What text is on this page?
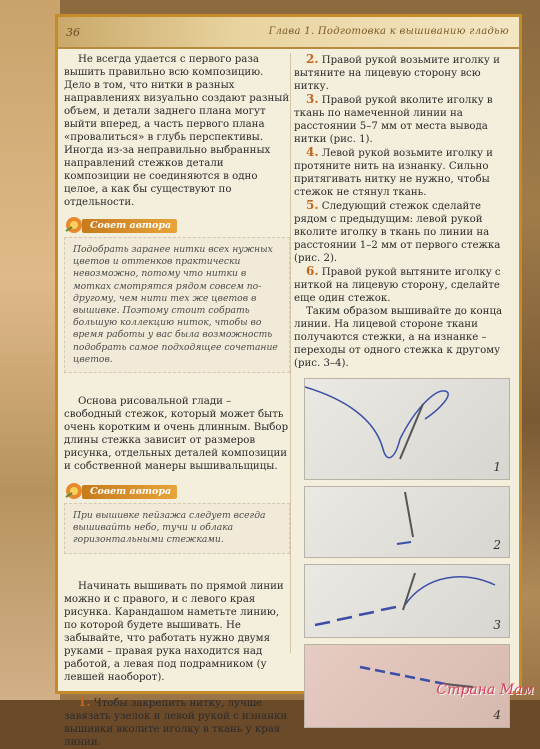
36	Глава 1. Подготовка к вышиванию гладью

Не всегда удается с первого раза вышить правильно всю композицию. Дело в том, что нитки в разных направлениях визуально создают разный объем, и детали заднего плана могут выйти вперед, а часть первого плана «провалиться» в глубь перспективы. Иногда из-за неправильно выбранных направлений стежков детали композиции не соединяются в одно целое, а как бы существуют по отдельности.

Совет автора

Подобрать заранее нитки всех нужных цветов и оттенков практически невозможно, потому что нитки в мотках смотрятся рядом совсем по-другому, чем нити тех же цветов в вышивке. Поэтому стоит собрать большую коллекцию ниток, чтобы во время работы у вас была возможность подобрать самое подходящее сочетание цветов.

Основа рисовальной глади – свободный стежок, который может быть очень коротким и очень длинным. Выбор длины стежка зависит от размеров рисунка, отдельных деталей композиции и собственной манеры вышивальщицы.

Совет автора

При вышивке пейзажа следует всегда вышивайть небо, тучи и облака горизонтальными стежками.

Начинать вышивать по прямой линии можно и с правого, и с левого края рисунка. Карандашом наметьте линию, по которой будете вышивать. Не забывайте, что работать нужно двумя руками – правая рука находится над работой, а левая под подрамником (у левшей наоборот).

1. Чтобы закрепить нитку, лучше завязать узелок и левой рукой с изнанки вышивки вколите иголку в ткань у края линии.

2. Правой рукой возьмите иголку и вытяните на лицевую сторону всю нитку.

3. Правой рукой вколите иголку в ткань по намеченной линии на расстоянии 5–7 мм от места вывода нитки (рис. 1).

4. Левой рукой возьмите иголку и протяните нить на изнанку. Сильно притягивать нитку не нужно, чтобы стежок не стянул ткань.

5. Следующий стежок сделайте рядом с предыдущим: левой рукой вколите иголку в ткань по линии на расстоянии 1–2 мм от первого стежка (рис. 2).

6. Правой рукой вытяните иголку с ниткой на лицевую сторону, сделайте еще один стежок.

Таким образом вышивайте до конца линии. На лицевой стороне ткани получаются стежки, а на изнанке – переходы от одного стежка к другому (рис. 3–4).

1
2
3
4
Страна Мам
